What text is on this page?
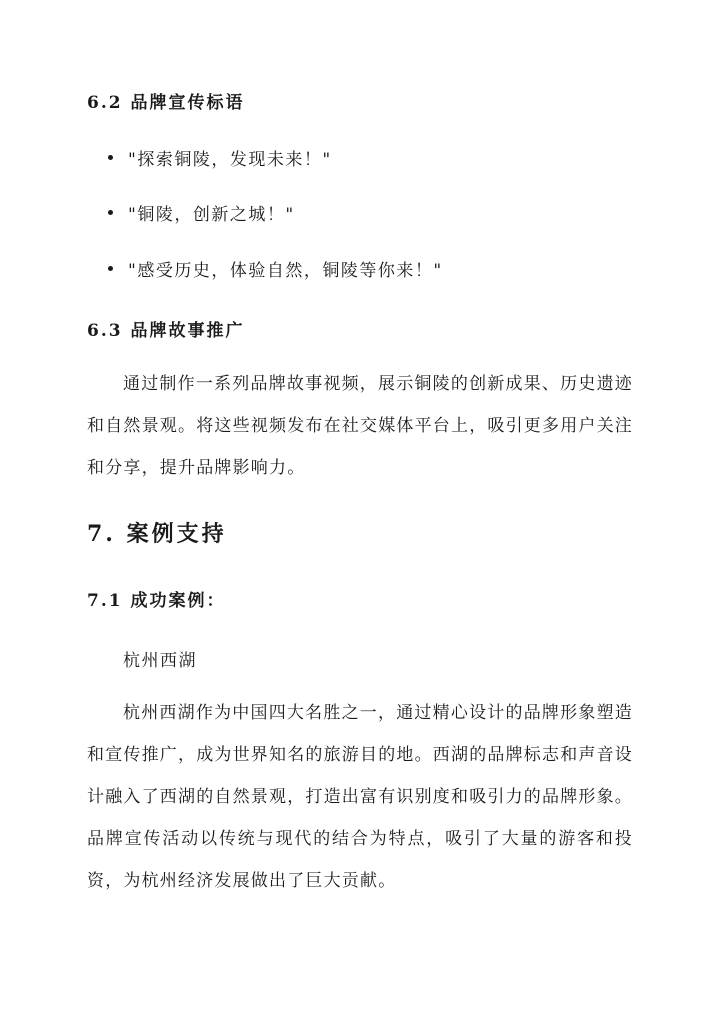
6.2 品牌宣传标语
"探索铜陵，发现未来！"
"铜陵，创新之城！"
"感受历史，体验自然，铜陵等你来！"
6.3 品牌故事推广

通过制作一系列品牌故事视频，展示铜陵的创新成果、历史遗迹和自然景观。将这些视频发布在社交媒体平台上，吸引更多用户关注和分享，提升品牌影响力。

7. 案例支持
7.1 成功案例：
杭州西湖

杭州西湖作为中国四大名胜之一，通过精心设计的品牌形象塑造和宣传推广，成为世界知名的旅游目的地。西湖的品牌标志和声音设计融入了西湖的自然景观，打造出富有识别度和吸引力的品牌形象。品牌宣传活动以传统与现代的结合为特点，吸引了大量的游客和投资，为杭州经济发展做出了巨大贡献。
